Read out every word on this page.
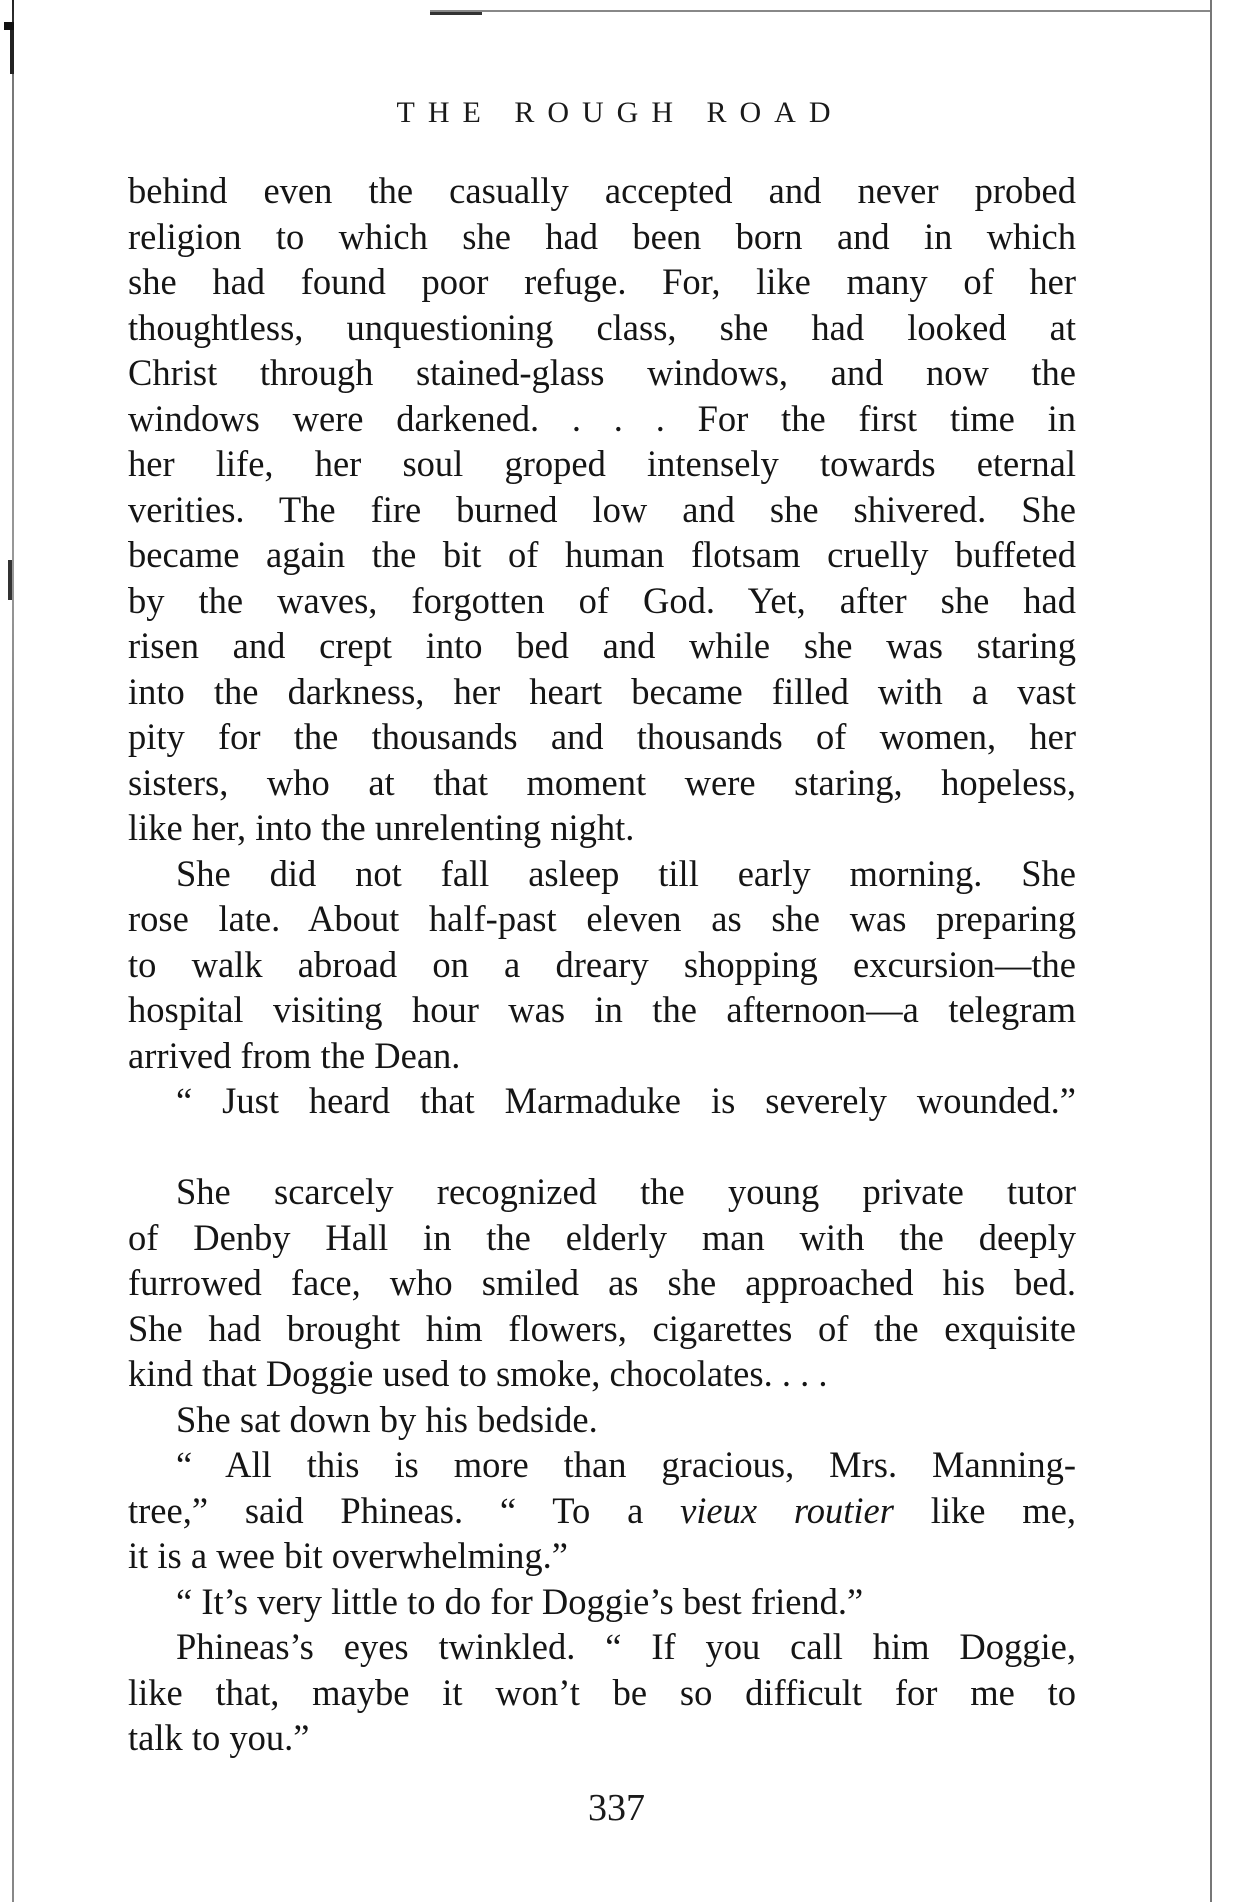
THE ROUGH ROAD
behind even the casually accepted and never probed
religion to which she had been born and in which
she had found poor refuge. For, like many of her
thoughtless, unquestioning class, she had looked at
Christ through stained-glass windows, and now the
windows were darkened. . . . For the first time in
her life, her soul groped intensely towards eternal
verities. The fire burned low and she shivered. She
became again the bit of human flotsam cruelly buffeted
by the waves, forgotten of God. Yet, after she had
risen and crept into bed and while she was staring
into the darkness, her heart became filled with a vast
pity for the thousands and thousands of women, her
sisters, who at that moment were staring, hopeless,
like her, into the unrelenting night.
She did not fall asleep till early morning. She
rose late. About half-past eleven as she was preparing
to walk abroad on a dreary shopping excursion—the
hospital visiting hour was in the afternoon—a telegram
arrived from the Dean.
“ Just heard that Marmaduke is severely wounded.”
She scarcely recognized the young private tutor
of Denby Hall in the elderly man with the deeply
furrowed face, who smiled as she approached his bed.
She had brought him flowers, cigarettes of the exquisite
kind that Doggie used to smoke, chocolates. . . .
She sat down by his bedside.
“ All this is more than gracious, Mrs. Manning-
tree,” said Phineas. “ To a vieux routier like me,
it is a wee bit overwhelming.”
“ It’s very little to do for Doggie’s best friend.”
Phineas’s eyes twinkled. “ If you call him Doggie,
like that, maybe it won’t be so difficult for me to
talk to you.”
337
